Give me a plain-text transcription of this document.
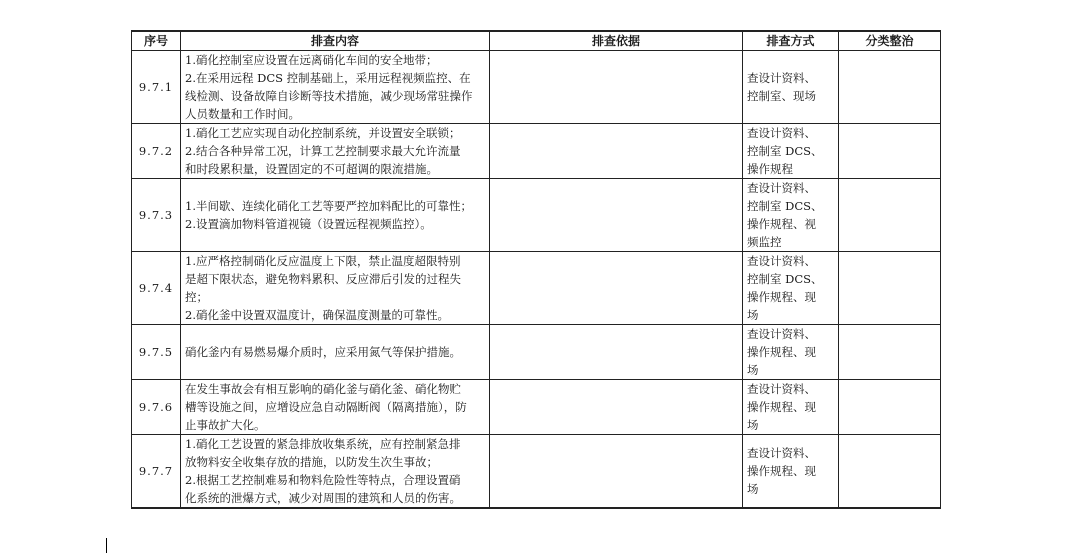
序号	排查内容	排查依据	排查方式	分类整治
9.7.1	1.硝化控制室应设置在远离硝化车间的安全地带；
2.在采用远程 DCS 控制基础上，采用远程视频监控、在
线检测、设备故障自诊断等技术措施，减少现场常驻操作
人员数量和工作时间。		查设计资料、
控制室、现场	

9.7.2	1.硝化工艺应实现自动化控制系统，并设置安全联锁；
2.结合各种异常工况，计算工艺控制要求最大允许流量
和时段累积量，设置固定的不可超调的限流措施。		查设计资料、
控制室 DCS、
操作规程	

9.7.3	1.半间歇、连续化硝化工艺等要严控加料配比的可靠性；
2.设置滴加物料管道视镜（设置远程视频监控）。		查设计资料、
控制室 DCS、
操作规程、视
频监控	

9.7.4	1.应严格控制硝化反应温度上下限，禁止温度超限特别
是超下限状态，避免物料累积、反应滞后引发的过程失
控；
2.硝化釜中设置双温度计，确保温度测量的可靠性。		查设计资料、
控制室 DCS、
操作规程、现
场	

9.7.5	硝化釜内有易燃易爆介质时，应采用氮气等保护措施。		查设计资料、
操作规程、现
场	

9.7.6	在发生事故会有相互影响的硝化釜与硝化釜、硝化物贮
槽等设施之间，应增设应急自动隔断阀（隔离措施），防
止事故扩大化。		查设计资料、
操作规程、现
场	

9.7.7	1.硝化工艺设置的紧急排放收集系统，应有控制紧急排
放物料安全收集存放的措施，以防发生次生事故；
2.根据工艺控制难易和物料危险性等特点，合理设置硝
化系统的泄爆方式，减少对周围的建筑和人员的伤害。		查设计资料、
操作规程、现
场	
